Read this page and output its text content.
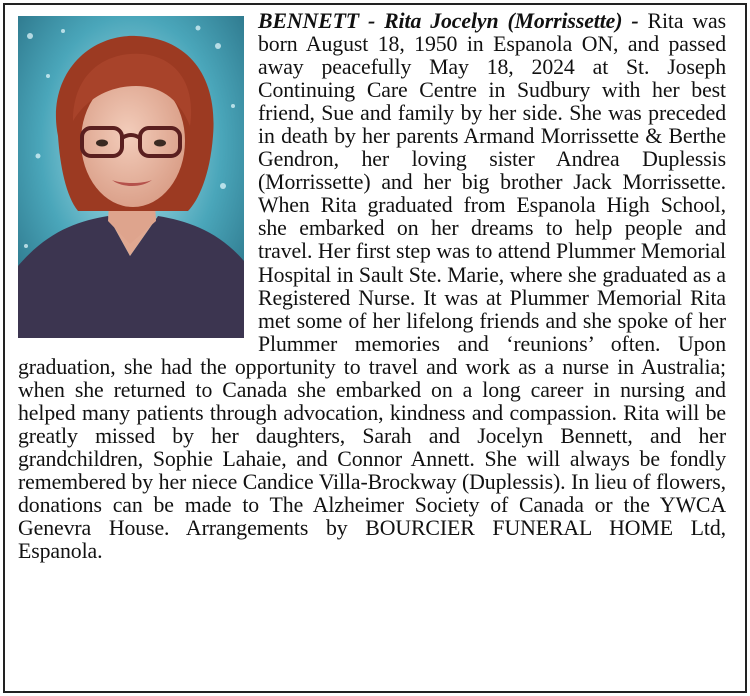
BENNETT - Rita Jocelyn (Morrissette) - Rita was born August 18, 1950 in Espanola ON, and passed away peacefully May 18, 2024 at St. Joseph Continuing Care Centre in Sudbury with her best friend, Sue and family by her side. She was preceded in death by her parents Armand Morrissette & Berthe Gendron, her loving sister Andrea Duplessis (Morrissette) and her big brother Jack Morrissette. When Rita graduated from Espanola High School, she embarked on her dreams to help people and travel. Her first step was to attend Plummer Memorial Hospital in Sault Ste. Marie, where she graduated as a Registered Nurse. It was at Plummer Memorial Rita met some of her lifelong friends and she spoke of her Plummer memories and ‘reunions’ often. Upon graduation, she had the opportunity to travel and work as a nurse in Australia; when she returned to Canada she embarked on a long career in nursing and helped many patients through advocation, kindness and compassion. Rita will be greatly missed by her daughters, Sarah and Jocelyn Bennett, and her grandchildren, Sophie Lahaie, and Connor Annett. She will always be fondly remembered by her niece Candice Villa-Brockway (Duplessis). In lieu of flowers, donations can be made to The Alzheimer Society of Canada or the YWCA Genevra House. Arrangements by BOURCIER FUNERAL HOME Ltd, Espanola.
